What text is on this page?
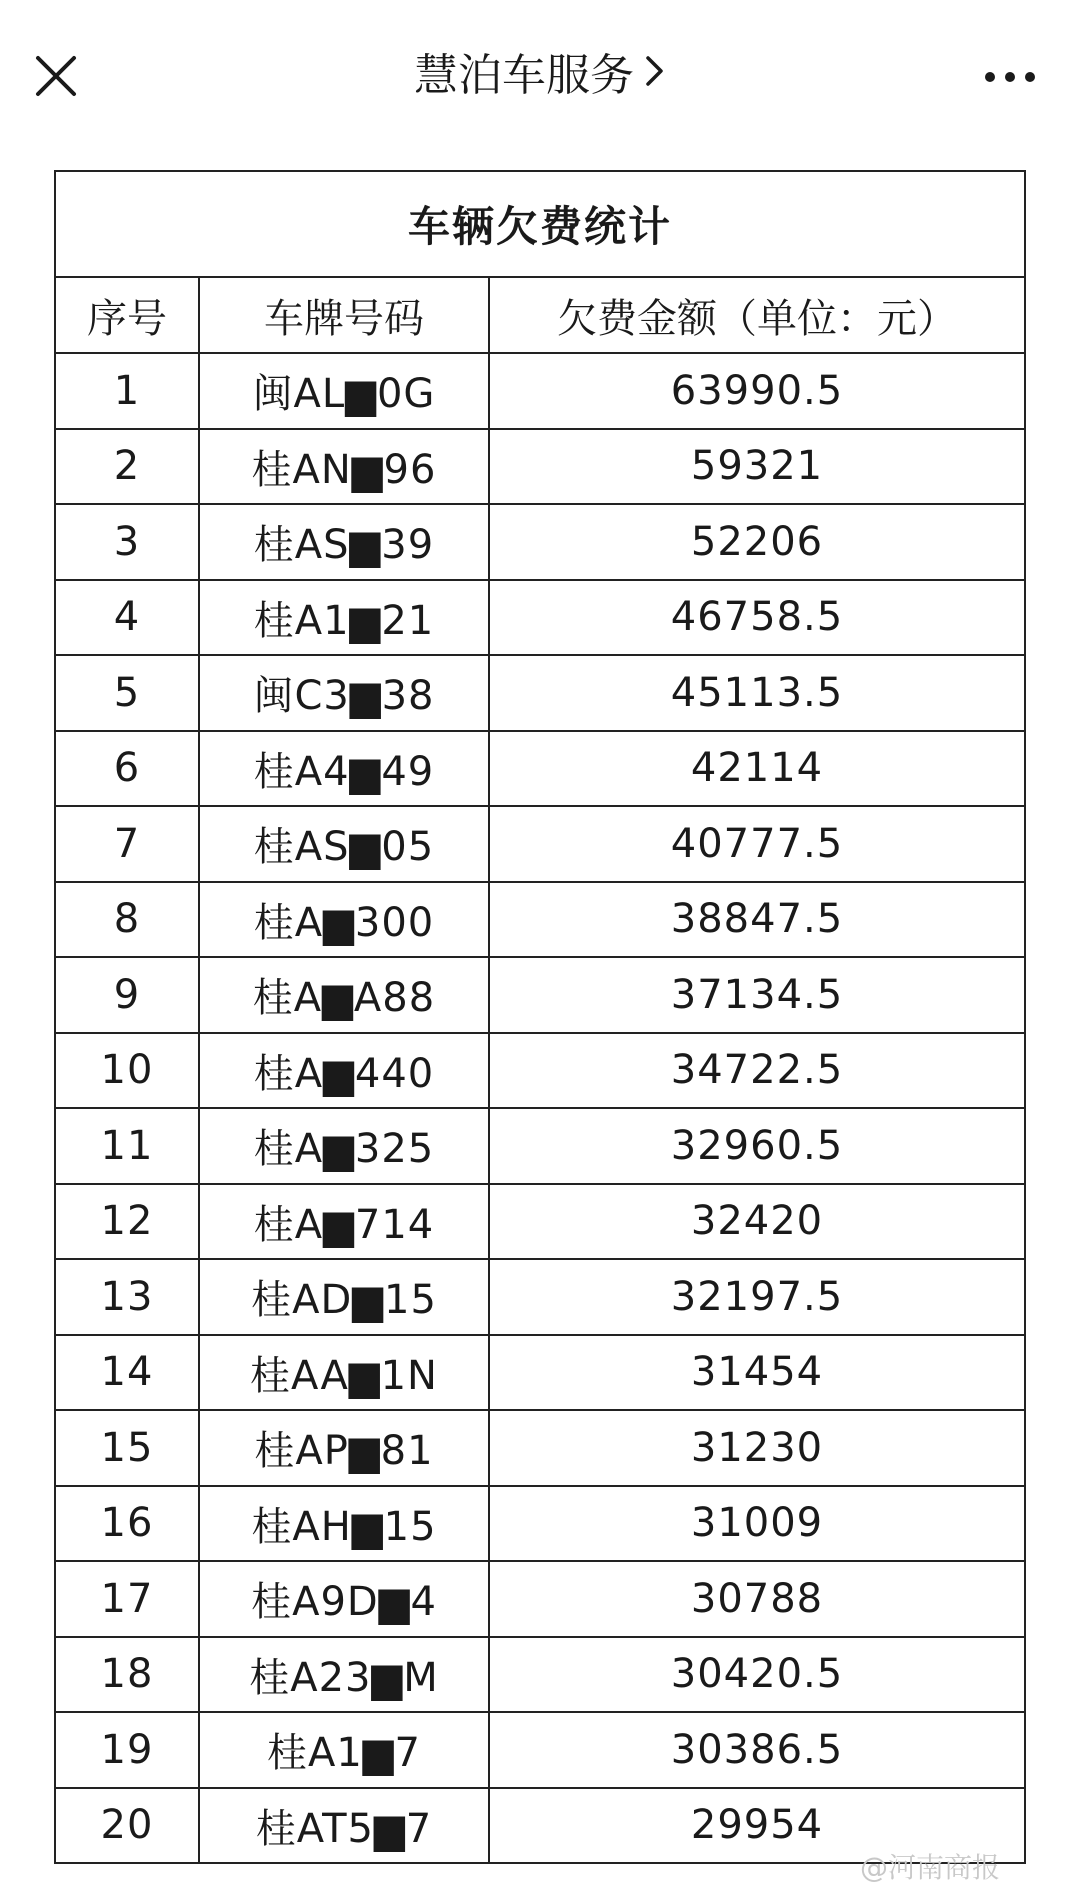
慧泊车服务
车辆欠费统计		
序号	车牌号码	欠费金额（单位：元）
1	闽AL▆0G	63990.5
2	桂AN▆96	59321
3	桂AS▆39	52206
4	桂A1▆21	46758.5
5	闽C3▆38	45113.5
6	桂A4▆49	42114
7	桂AS▆05	40777.5
8	桂A▆300	38847.5
9	桂A▆A88	37134.5
10	桂A▆440	34722.5
11	桂A▆325	32960.5
12	桂A▆714	32420
13	桂AD▆15	32197.5
14	桂AA▆1N	31454
15	桂AP▆81	31230
16	桂AH▆15	31009
17	桂A9D▆4	30788
18	桂A23▆M	30420.5
19	桂A1▆7	30386.5
20	桂AT5▆7	29954
@河南商报
